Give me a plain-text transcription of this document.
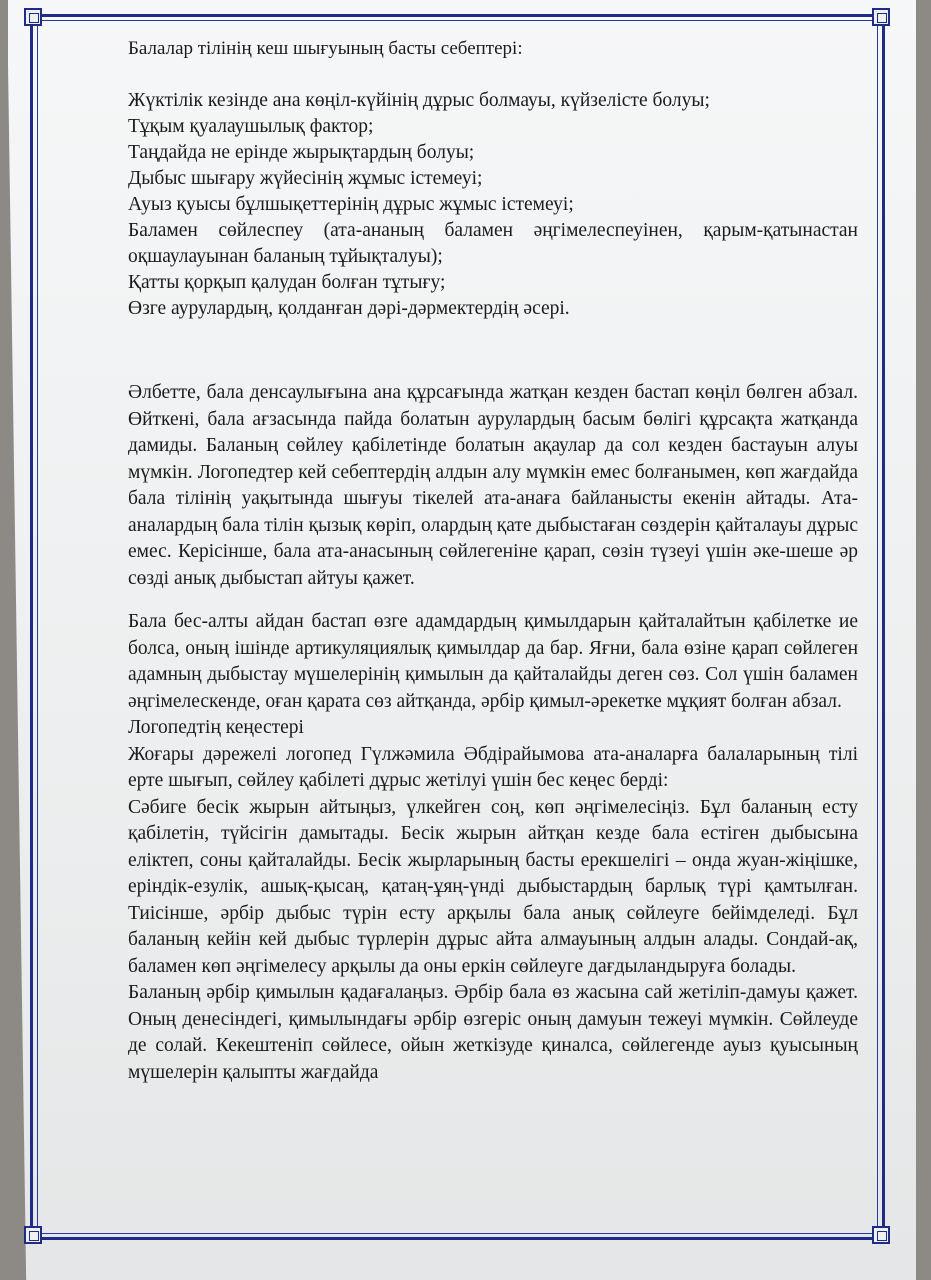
Балалар тілінің кеш шығуының басты себептері:

Жүктілік кезінде ана көңіл-күйінің дұрыс болмауы, күйзелісте болуы;
Тұқым қуалаушылық фактор;
Таңдайда не еріндe жырықтардың болуы;
Дыбыс шығару жүйесінің жұмыс істемеуі;
Ауыз қуысы бұлшықеттерінің дұрыс жұмыс істемеуі;
Баламен сөйлеспеу (ата-ананың баламен әңгімелеспеуінен, қарым-қатынастан оқшаулауынан баланың тұйықталуы);
Қатты қорқып қалудан болған тұтығу;
Өзге аурулардың, қолданған дәрі-дәрмектердің әсері.

Әлбетте, бала денсаулығына ана құрсағында жатқан кезден бастап көңіл бөлген абзал. Өйткені, бала ағзасында пайда болатын аурулардың басым бөлігі құрсақта жатқанда дамиды. Баланың сөйлеу қабілетінде болатын ақаулар да сол кезден бастауын алуы мүмкін. Логопедтер кей себептердің алдын алу мүмкін емес болғанымен, көп жағдайда бала тілінің уақытында шығуы тікелей ата-анаға байланысты екенін айтады. Ата-аналардың бала тілін қызық көріп, олардың қате дыбыстаған сөздерін қайталауы дұрыс емес. Керісінше, бала ата-анасының сөйлегеніне қарап, сөзін түзеуі үшін әке-шеше әр сөзді анық дыбыстап айтуы қажет.

Бала бес-алты айдан бастап өзге адамдардың қимылдарын қайталайтын қабілетке ие болса, оның ішінде артикуляциялық қимылдар да бар. Яғни, бала өзіне қарап сөйлеген адамның дыбыстау мүшелерінің қимылын да қайталайды деген сөз. Сол үшін баламен әңгімелескенде, оған қарата сөз айтқанда, әрбір қимыл-әрекетке мұқият болған абзал.

Логопедтің кеңестері

Жоғары дәрежелі логопед Гүлжәмила Әбдірайымова ата-аналарға балаларының тілі ерте шығып, сөйлеу қабілеті дұрыс жетілуі үшін бес кеңес берді:

Сәбиге бесік жырын айтыңыз, үлкейген соң, көп әңгімелесіңіз. Бұл баланың есту қабілетін, түйсігін дамытады. Бесік жырын айтқан кезде бала естіген дыбысына еліктеп, соны қайталайды. Бесік жырларының басты ерекшелігі – онда жуан-жіңішке, еріндік-езулік, ашық-қысаң, қатаң-ұяң-үнді дыбыстардың барлық түрі қамтылған. Тиісінше, әрбір дыбыс түрін есту арқылы бала анық сөйлеуге бейімделеді. Бұл баланың кейін кей дыбыс түрлерін дұрыс айта алмауының алдын алады. Сондай-ақ, баламен көп әңгімелесу арқылы да оны еркін сөйлеуге дағдыландыруға болады.

Баланың әрбір қимылын қадағалаңыз. Әрбір бала өз жасына сай жетіліп-дамуы қажет. Оның денесіндегі, қимылындағы әрбір өзгеріс оның дамуын тежеуі мүмкін. Сөйлеуде де солай. Кекештеніп сөйлесе, ойын жеткізуде қиналса, сөйлегенде ауыз қуысының мүшелерін қалыпты жағдайда
